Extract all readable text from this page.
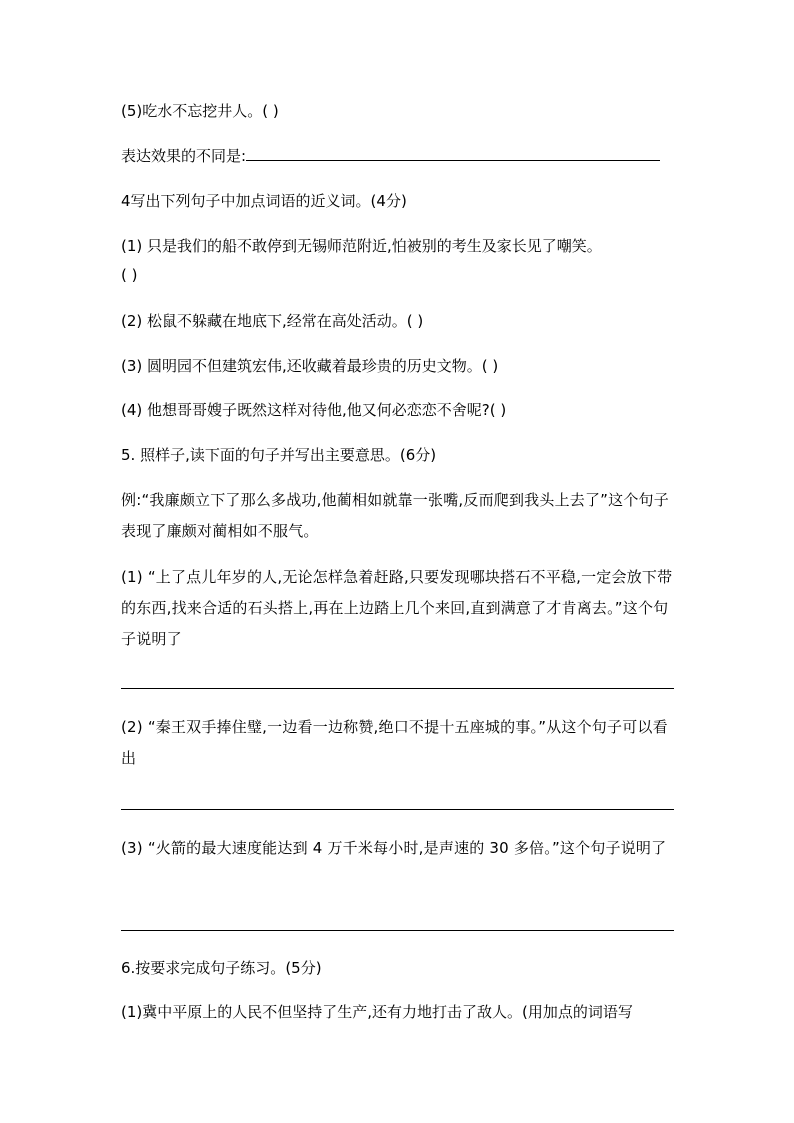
(5)吃水不忘挖井人。( )
表达效果的不同是:
4写出下列句子中加点词语的近义词。(4分)
(1) 只是我们的船不敢停到无锡师范附近,怕被别的考生及家长见了嘲笑。
( )
(2) 松鼠不躲藏在地底下,经常在高处活动。( )
(3) 圆明园不但建筑宏伟,还收藏着最珍贵的历史文物。( )
(4) 他想哥哥嫂子既然这样对待他,他又何必恋恋不舍呢?( )
5. 照样子,读下面的句子并写出主要意思。(6分)
例:“我廉颇立下了那么多战功,他蔺相如就靠一张嘴,反而爬到我头上去了”这个句子表现了廉颇对蔺相如不服气。
(1) “上了点儿年岁的人,无论怎样急着赶路,只要发现哪块搭石不平稳,一定会放下带的东西,找来合适的石头搭上,再在上边踏上几个来回,直到满意了才肯离去。”这个句子说明了
(2) “秦王双手捧住璧,一边看一边称赞,绝口不提十五座城的事。”从这个句子可以看出
(3) “火箭的最大速度能达到 4 万千米每小时,是声速的 30 多倍。”这个句子说明了
6.按要求完成句子练习。(5分)
(1)冀中平原上的人民不但坚持了生产,还有力地打击了敌人。(用加点的词语写
